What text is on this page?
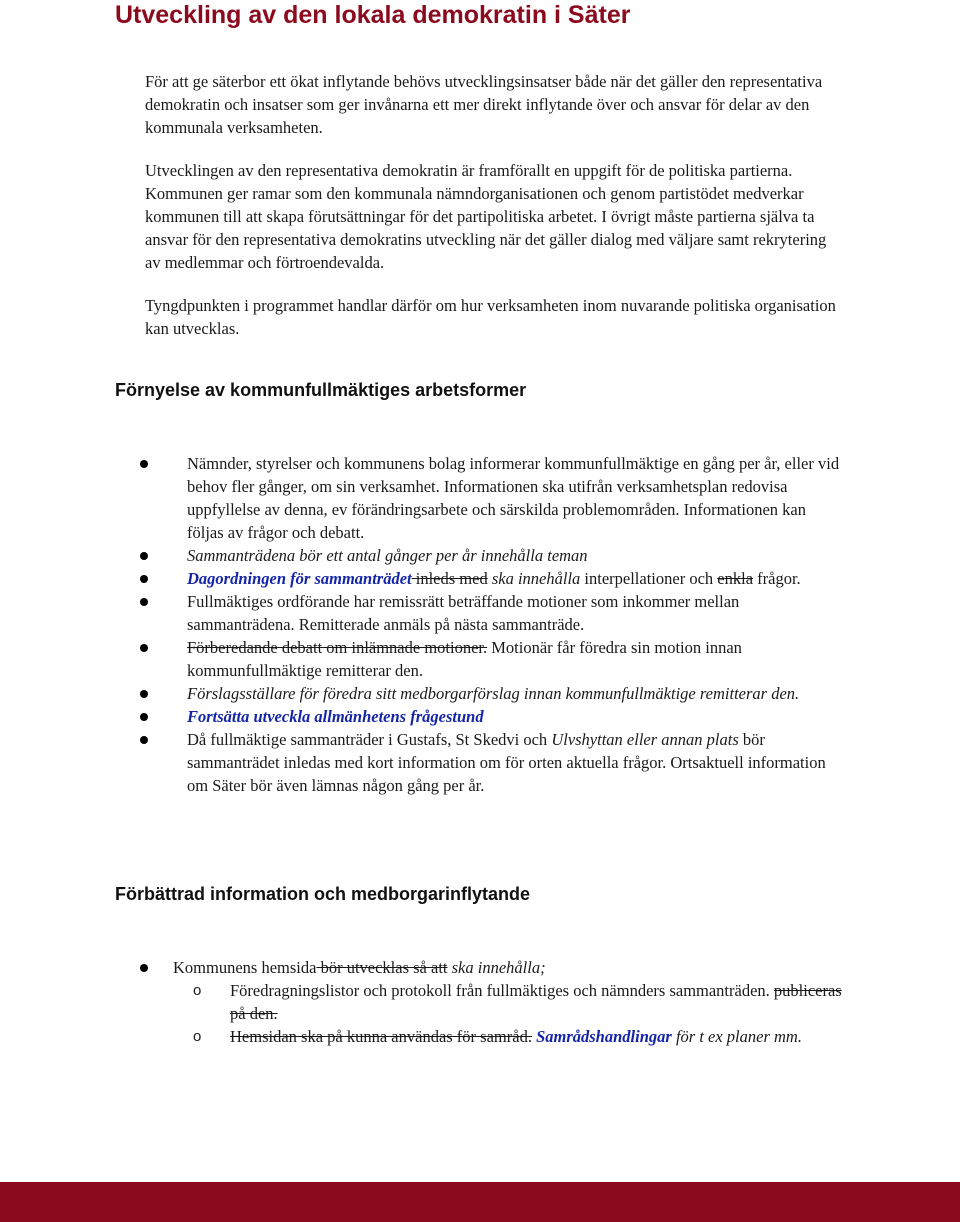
Utveckling av den lokala demokratin i Säter

För att ge säterbor ett ökat inflytande behövs utvecklingsinsatser både när det gäller den representativa demokratin och insatser som ger invånarna ett mer direkt inflytande över och ansvar för delar av den kommunala verksamheten.

Utvecklingen av den representativa demokratin är framförallt en uppgift för de politiska partierna. Kommunen ger ramar som den kommunala nämndorganisationen och genom partistödet medverkar kommunen till att skapa förutsättningar för det partipolitiska arbetet. I övrigt måste partierna själva ta ansvar för den representativa demokratins utveckling när det gäller dialog med väljare samt rekrytering av medlemmar och förtroendevalda.

Tyngdpunkten i programmet handlar därför om hur verksamheten inom nuvarande politiska organisation kan utvecklas.

Förnyelse av kommunfullmäktiges arbetsformer
Nämnder, styrelser och kommunens bolag informerar kommunfullmäktige en gång per år, eller vid behov fler gånger, om sin verksamhet. Informationen ska utifrån verksamhetsplan redovisa uppfyllelse av denna, ev förändringsarbete och särskilda problemområden. Informationen kan följas av frågor och debatt.
Sammanträdena bör ett antal gånger per år innehålla teman
Dagordningen för sammanträdet inleds med ska innehålla interpellationer och enkla frågor.
Fullmäktiges ordförande har remissrätt beträffande motioner som inkommer mellan sammanträdena. Remitterade anmäls på nästa sammanträde.
Förberedande debatt om inlämnade motioner. Motionär får föredra sin motion innan kommunfullmäktige remitterar den.
Förslagsställare för föredra sitt medborgarförslag innan kommunfullmäktige remitterar den.
Fortsätta utveckla allmänhetens frågestund
Då fullmäktige sammanträder i Gustafs, St Skedvi och Ulvshyttan eller annan plats bör sammanträdet inledas med kort information om för orten aktuella frågor. Ortsaktuell information om Säter bör även lämnas någon gång per år.
Förbättrad information och medborgarinflytande
Kommunens hemsida bör utvecklas så att ska innehålla;
o Föredragningslistor och protokoll från fullmäktiges och nämnders sammanträden. publiceras på den.
o Hemsidan ska på kunna användas för samråd. Samrådshandlingar för t ex planer mm.
